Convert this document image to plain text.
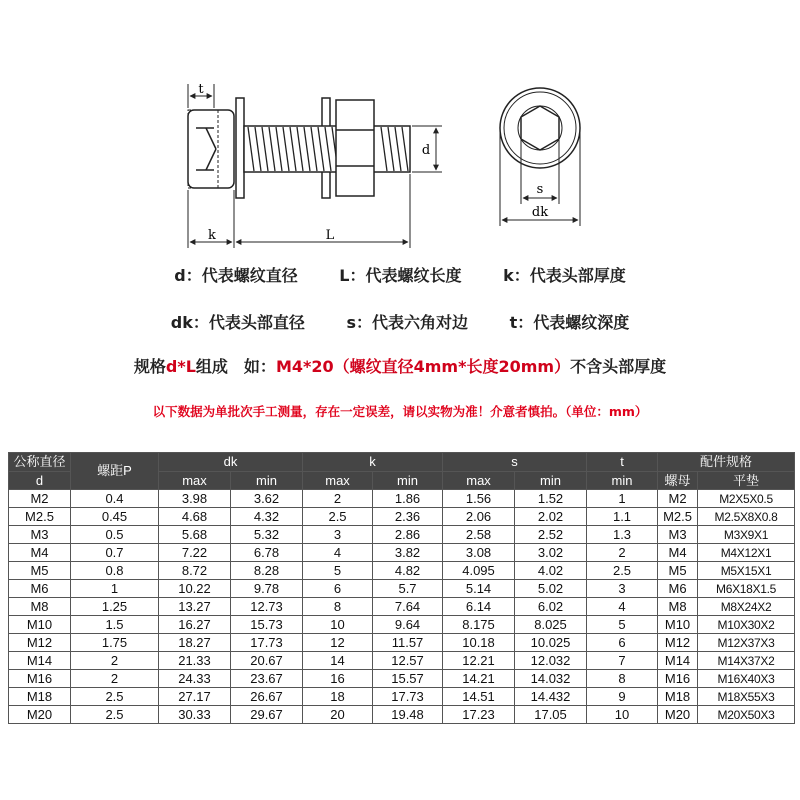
t
d
k	L
s
dk
d：代表螺纹直径	L：代表螺纹长度	k：代表头部厚度
dk：代表头部直径	s：代表六角对边	t：代表螺纹深度
规格d*L组成　如：M4*20（螺纹直径4mm*长度20mm）不含头部厚度
以下数据为单批次手工测量，存在一定误差，请以实物为准！介意者慎拍。（单位：mm）
公称直径	螺距P	dk		k		s		t	配件规格	
d		max	min	max	min	max	min	min	螺母	平垫
M2	0.4	3.98	3.62	2	1.86	1.56	1.52	1	M2	M2X5X0.5
M2.5	0.45	4.68	4.32	2.5	2.36	2.06	2.02	1.1	M2.5	M2.5X8X0.8
M3	0.5	5.68	5.32	3	2.86	2.58	2.52	1.3	M3	M3X9X1
M4	0.7	7.22	6.78	4	3.82	3.08	3.02	2	M4	M4X12X1
M5	0.8	8.72	8.28	5	4.82	4.095	4.02	2.5	M5	M5X15X1
M6	1	10.22	9.78	6	5.7	5.14	5.02	3	M6	M6X18X1.5
M8	1.25	13.27	12.73	8	7.64	6.14	6.02	4	M8	M8X24X2
M10	1.5	16.27	15.73	10	9.64	8.175	8.025	5	M10	M10X30X2
M12	1.75	18.27	17.73	12	11.57	10.18	10.025	6	M12	M12X37X3
M14	2	21.33	20.67	14	12.57	12.21	12.032	7	M14	M14X37X2
M16	2	24.33	23.67	16	15.57	14.21	14.032	8	M16	M16X40X3
M18	2.5	27.17	26.67	18	17.73	14.51	14.432	9	M18	M18X55X3
M20	2.5	30.33	29.67	20	19.48	17.23	17.05	10	M20	M20X50X3
